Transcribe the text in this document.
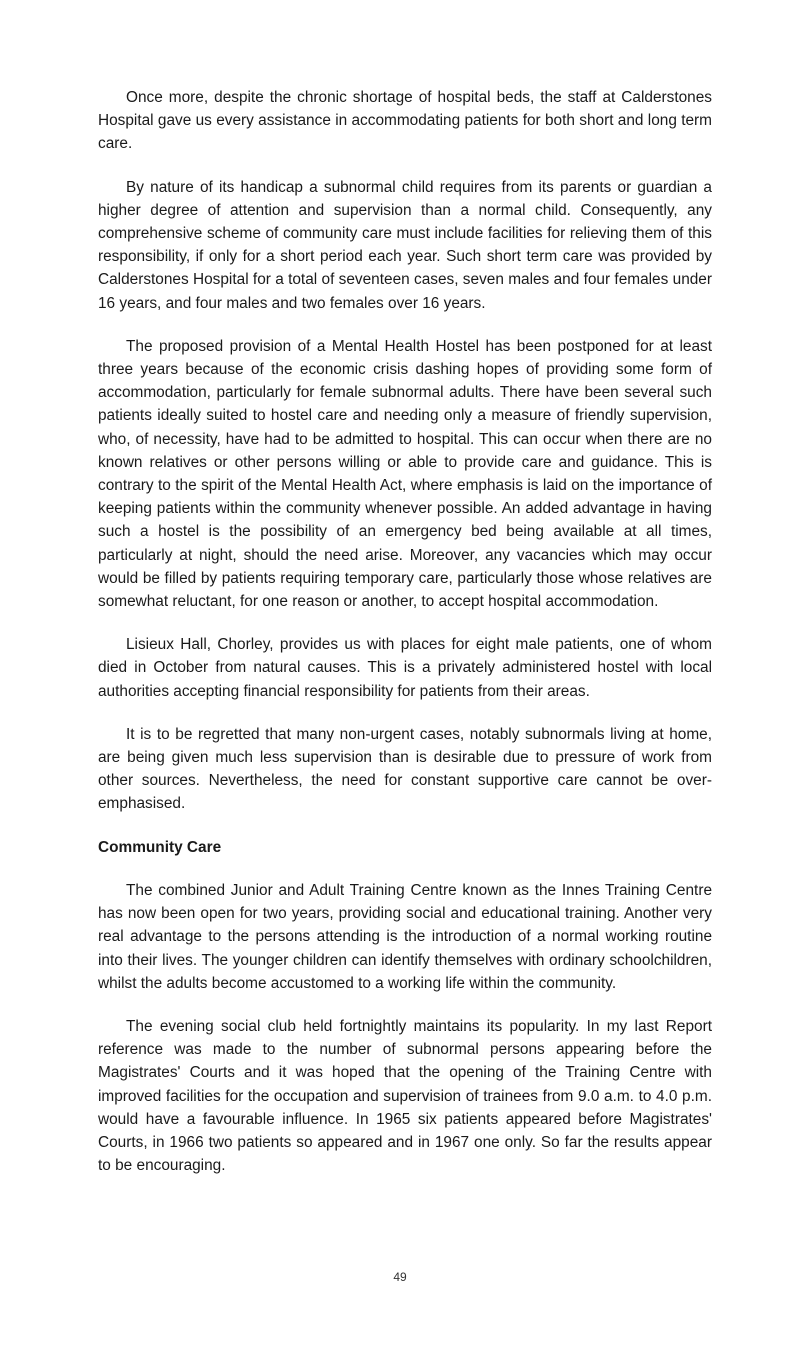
Once more, despite the chronic shortage of hospital beds, the staff at Calderstones Hospital gave us every assistance in accommodating patients for both short and long term care.

By nature of its handicap a subnormal child requires from its parents or guardian a higher degree of attention and supervision than a normal child. Consequently, any comprehensive scheme of community care must include facilities for relieving them of this responsibility, if only for a short period each year. Such short term care was provided by Calderstones Hospital for a total of seventeen cases, seven males and four females under 16 years, and four males and two females over 16 years.

The proposed provision of a Mental Health Hostel has been postponed for at least three years because of the economic crisis dashing hopes of providing some form of accommodation, particularly for female subnormal adults. There have been several such patients ideally suited to hostel care and needing only a measure of friendly supervision, who, of necessity, have had to be admitted to hospital. This can occur when there are no known relatives or other persons willing or able to provide care and guidance. This is contrary to the spirit of the Mental Health Act, where emphasis is laid on the importance of keeping patients within the community whenever possible. An added advantage in having such a hostel is the possibility of an emergency bed being available at all times, particularly at night, should the need arise. Moreover, any vacancies which may occur would be filled by patients requiring temporary care, particularly those whose relatives are somewhat reluctant, for one reason or another, to accept hospital accommodation.

Lisieux Hall, Chorley, provides us with places for eight male patients, one of whom died in October from natural causes. This is a privately administered hostel with local authorities accepting financial responsibility for patients from their areas.

It is to be regretted that many non-urgent cases, notably subnormals living at home, are being given much less supervision than is desirable due to pressure of work from other sources. Nevertheless, the need for constant supportive care cannot be over-emphasised.

Community Care

The combined Junior and Adult Training Centre known as the Innes Training Centre has now been open for two years, providing social and educational training. Another very real advantage to the persons attending is the introduction of a normal working routine into their lives. The younger children can identify themselves with ordinary schoolchildren, whilst the adults become accustomed to a working life within the community.

The evening social club held fortnightly maintains its popularity. In my last Report reference was made to the number of subnormal persons appearing before the Magistrates' Courts and it was hoped that the opening of the Training Centre with improved facilities for the occupation and supervision of trainees from 9.0 a.m. to 4.0 p.m. would have a favourable influence. In 1965 six patients appeared before Magistrates' Courts, in 1966 two patients so appeared and in 1967 one only. So far the results appear to be encouraging.

49
